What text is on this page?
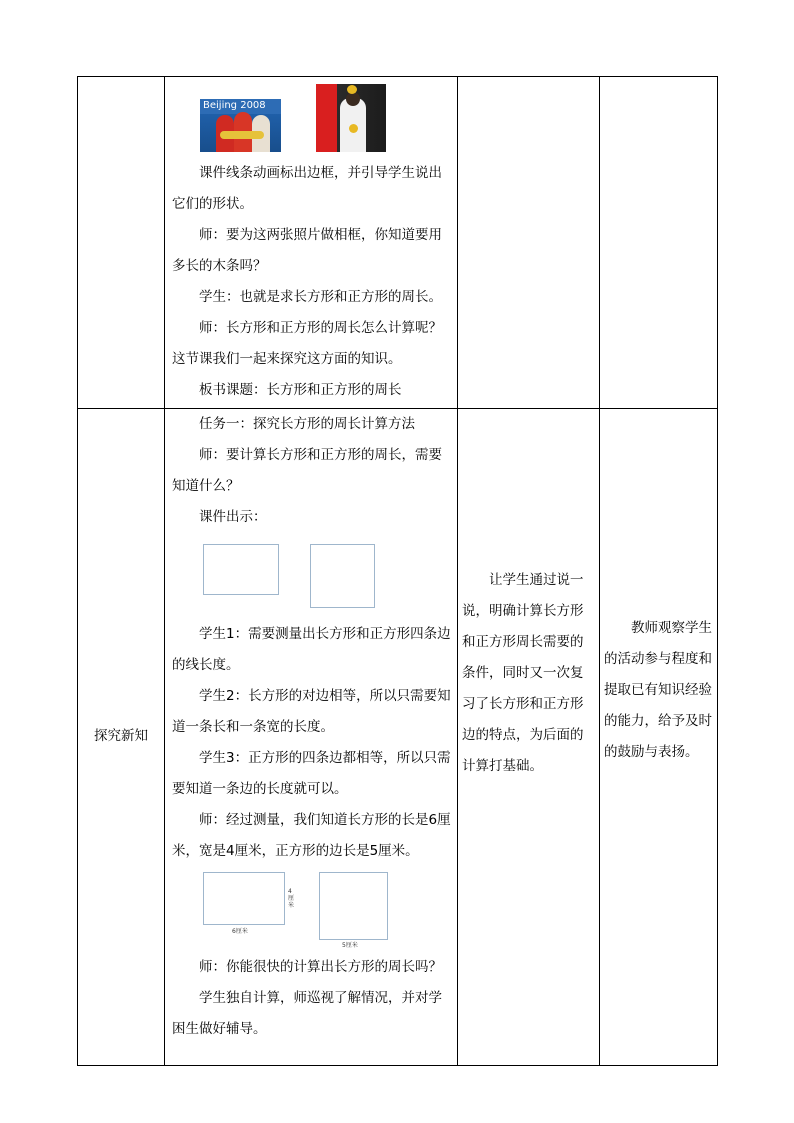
Beijing 2008

课件线条动画标出边框，并引导学生说出它们的形状。

师：要为这两张照片做相框，你知道要用多长的木条吗？

学生：也就是求长方形和正方形的周长。

师：长方形和正方形的周长怎么计算呢？这节课我们一起来探究这方面的知识。

板书课题：长方形和正方形的周长

探究新知

任务一：探究长方形的周长计算方法

师：要计算长方形和正方形的周长，需要知道什么？

课件出示：

学生1：需要测量出长方形和正方形四条边的线长度。

学生2：长方形的对边相等，所以只需要知道一条长和一条宽的长度。

学生3：正方形的四条边都相等，所以只需要知道一条边的长度就可以。

师：经过测量，我们知道长方形的长是6厘米，宽是4厘米，正方形的边长是5厘米。

6厘米
4厘米
5厘米

师：你能很快的计算出长方形的周长吗？

学生独自计算，师巡视了解情况，并对学困生做好辅导。

让学生通过说一说，明确计算长方形和正方形周长需要的条件，同时又一次复习了长方形和正方形边的特点，为后面的计算打基础。

教师观察学生的活动参与程度和提取已有知识经验的能力，给予及时的鼓励与表扬。
